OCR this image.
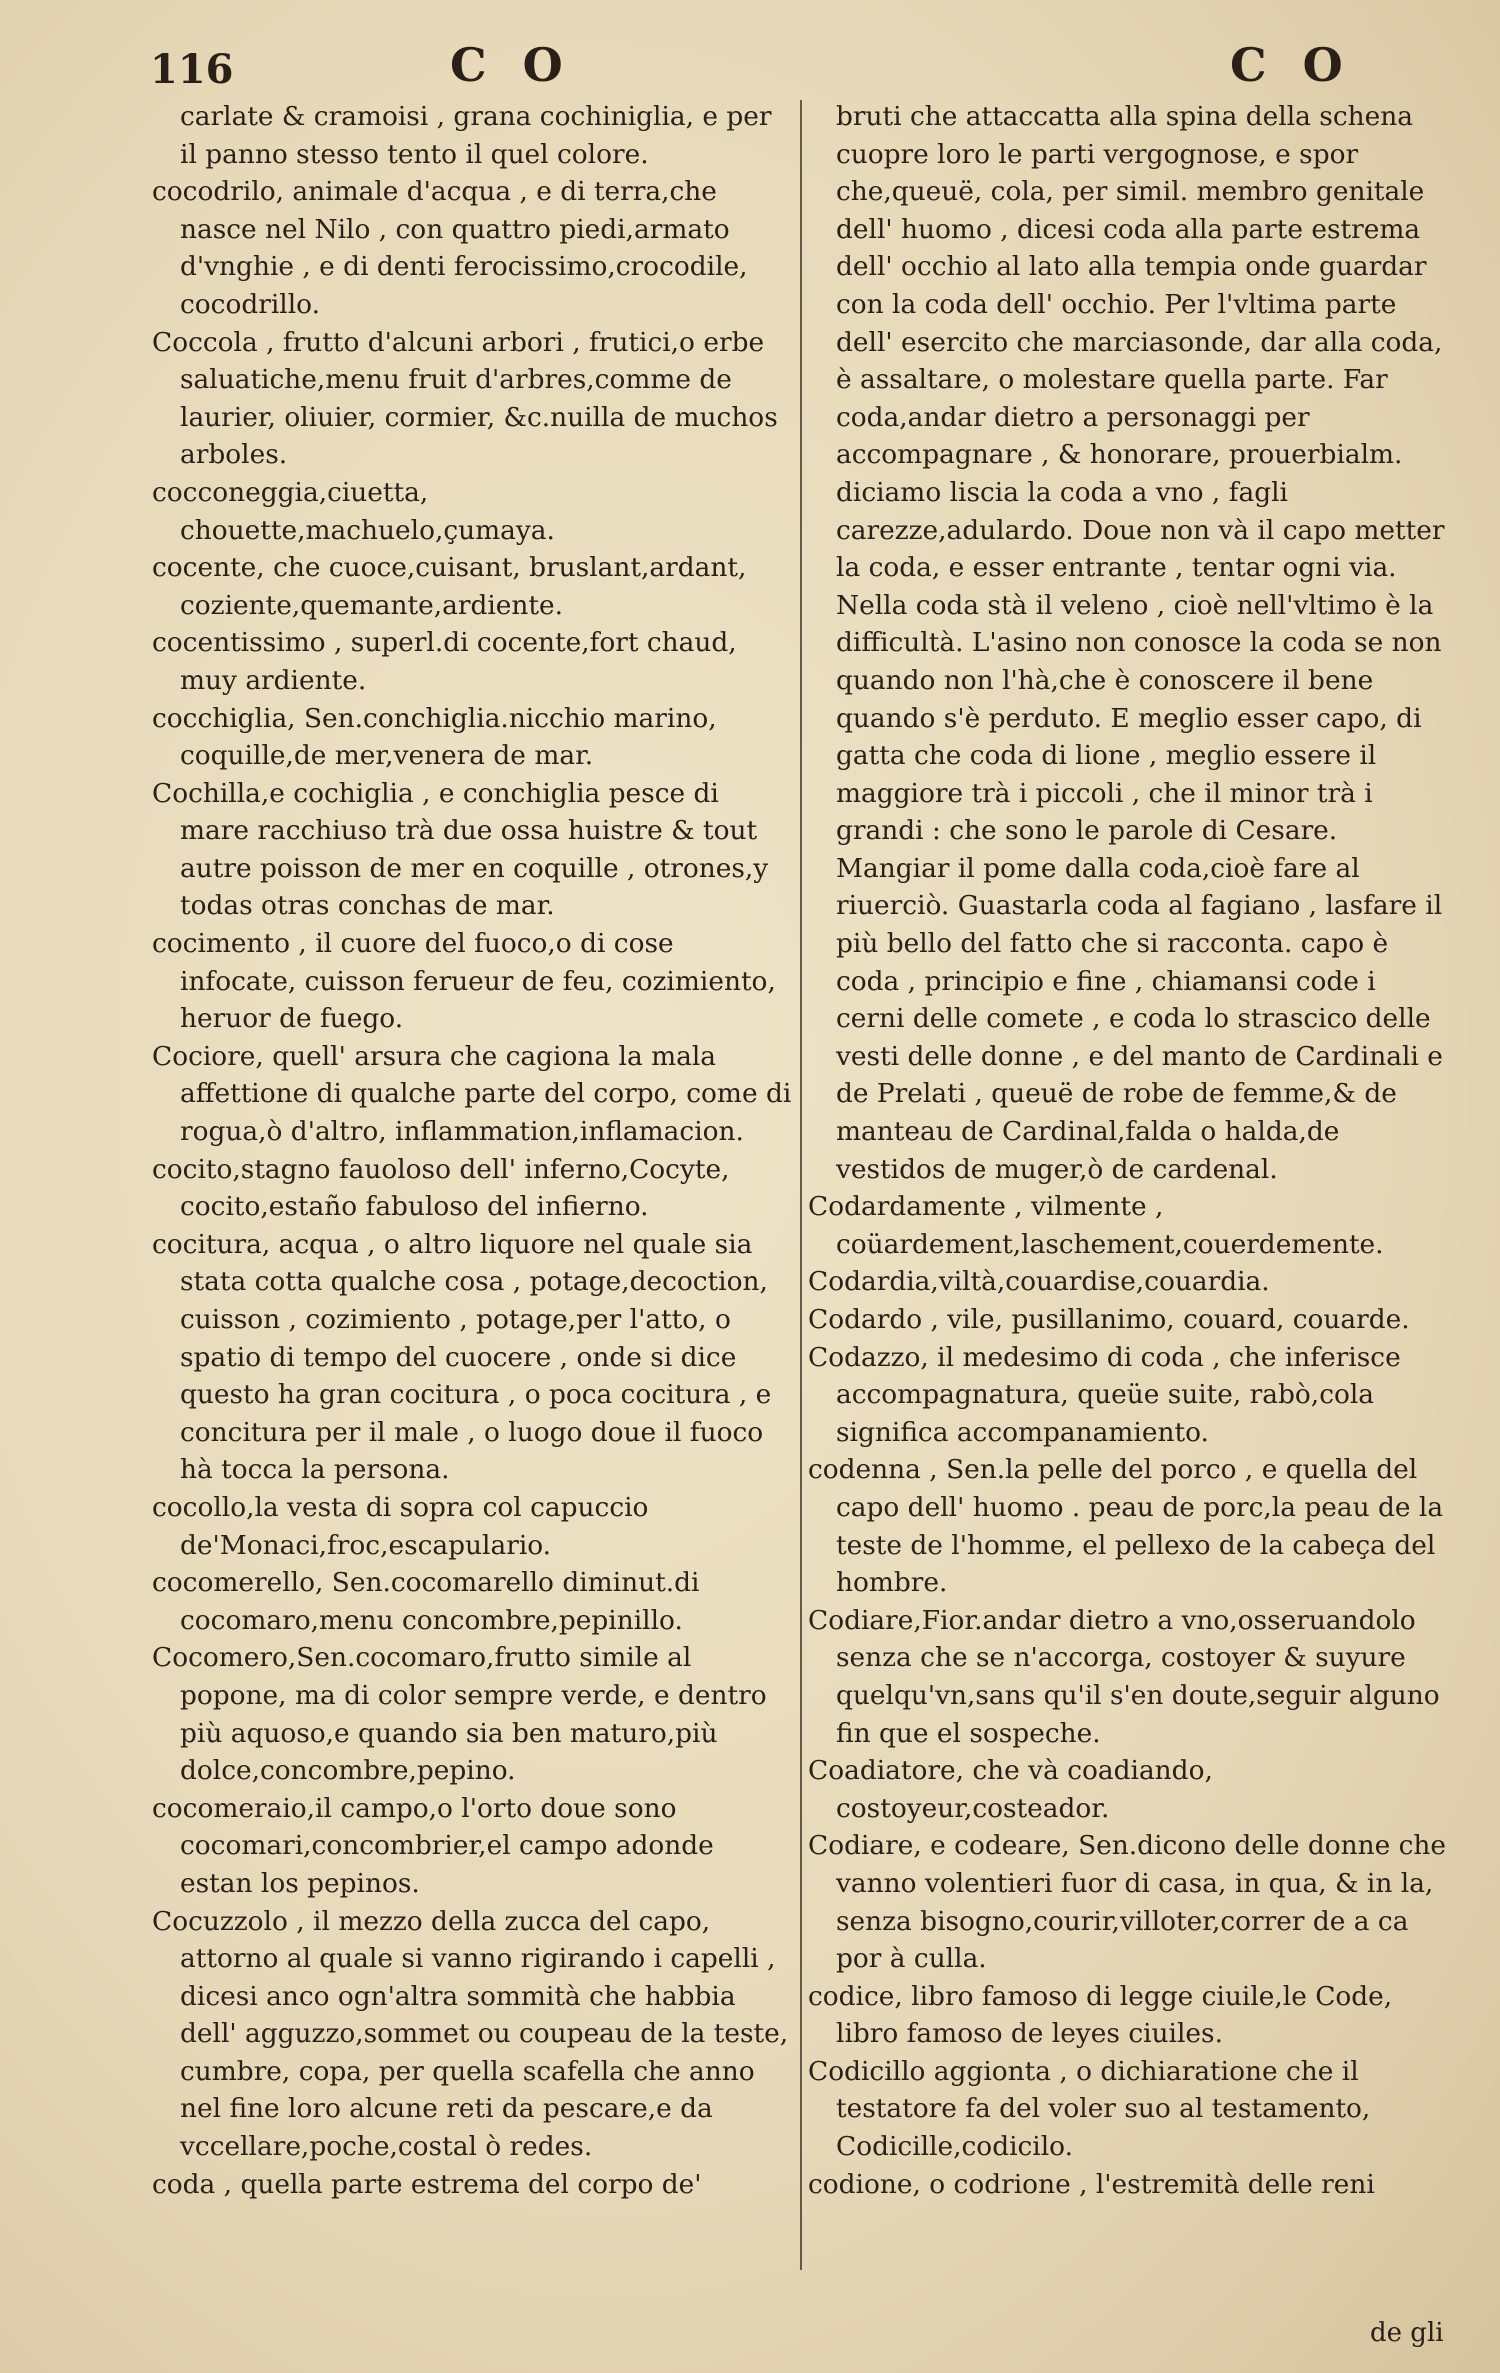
116	C O	C O

carlate & cramoisi , grana cochiniglia, e per il panno stesso tento il quel colore.

cocodrilo, animale d'acqua , e di terra,che nasce nel Nilo , con quattro piedi,armato d'vnghie , e di denti ferocissimo,crocodile, cocodrillo.

Coccola , frutto d'alcuni arbori , frutici,o erbe saluatiche,menu fruit d'arbres,comme de laurier, oliuier, cormier, &c.nuilla de muchos arboles.

cocconeggia,ciuetta, chouette,machuelo,çumaya.

cocente, che cuoce,cuisant, bruslant,ardant, coziente,quemante,ardiente.

cocentissimo , superl.di cocente,fort chaud, muy ardiente.

cocchiglia, Sen.conchiglia.nicchio marino, coquille,de mer,venera de mar.

Cochilla,e cochiglia , e conchiglia pesce di mare racchiuso trà due ossa huistre & tout autre poisson de mer en coquille , otrones,y todas otras conchas de mar.

cocimento , il cuore del fuoco,o di cose infocate, cuisson ferueur de feu, cozimiento, heruor de fuego.

Cociore, quell' arsura che cagiona la mala affettione di qualche parte del corpo, come di rogua,ò d'altro, inflammation,inflamacion.

cocito,stagno fauoloso dell' inferno,Cocyte, cocito,estaño fabuloso del infierno.

cocitura, acqua , o altro liquore nel quale sia stata cotta qualche cosa , potage,decoction, cuisson , cozimiento , potage,per l'atto, o spatio di tempo del cuocere , onde si dice questo ha gran cocitura , o poca cocitura , e concitura per il male , o luogo doue il fuoco hà tocca la persona.

cocollo,la vesta di sopra col capuccio de'Monaci,froc,escapulario.

cocomerello, Sen.cocomarello diminut.di cocomaro,menu concombre,pepinillo.

Cocomero,Sen.cocomaro,frutto simile al popone, ma di color sempre verde, e dentro più aquoso,e quando sia ben maturo,più dolce,concombre,pepino.

cocomeraio,il campo,o l'orto doue sono cocomari,concombrier,el campo adonde estan los pepinos.

Cocuzzolo , il mezzo della zucca del capo, attorno al quale si vanno rigirando i capelli , dicesi anco ogn'altra sommità che habbia dell' agguzzo,sommet ou coupeau de la teste, cumbre, copa, per quella scafella che anno nel fine loro alcune reti da pescare,e da vccellare,poche,costal ò redes.

coda , quella parte estrema del corpo de'

bruti che attaccatta alla spina della schena cuopre loro le parti vergognose, e spor che,queuë, cola, per simil. membro genitale dell' huomo , dicesi coda alla parte estrema dell' occhio al lato alla tempia onde guardar con la coda dell' occhio. Per l'vltima parte dell' esercito che marciasonde, dar alla coda, è assaltare, o molestare quella parte. Far coda,andar dietro a personaggi per accompagnare , & honorare, prouerbialm. diciamo liscia la coda a vno , fagli carezze,adulardo. Doue non và il capo metter la coda, e esser entrante , tentar ogni via. Nella coda stà il veleno , cioè nell'vltimo è la difficultà. L'asino non conosce la coda se non quando non l'hà,che è conoscere il bene quando s'è perduto. E meglio esser capo, di gatta che coda di lione , meglio essere il maggiore trà i piccoli , che il minor trà i grandi : che sono le parole di Cesare. Mangiar il pome dalla coda,cioè fare al riuerciò. Guastarla coda al fagiano , lasfare il più bello del fatto che si racconta. capo è coda , principio e fine , chiamansi code i cerni delle comete , e coda lo strascico delle vesti delle donne , e del manto de Cardinali e de Prelati , queuë de robe de femme,& de manteau de Cardinal,falda o halda,de vestidos de muger,ò de cardenal.

Codardamente , vilmente , coüardement,laschement,couerdemente.

Codardia,viltà,couardise,couardia.

Codardo , vile, pusillanimo, couard, couarde.

Codazzo, il medesimo di coda , che inferisce accompagnatura, queüe suite, rabò,cola significa accompanamiento.

codenna , Sen.la pelle del porco , e quella del capo dell' huomo . peau de porc,la peau de la teste de l'homme, el pellexo de la cabeça del hombre.

Codiare,Fior.andar dietro a vno,osseruandolo senza che se n'accorga, costoyer & suyure quelqu'vn,sans qu'il s'en doute,seguir alguno fin que el sospeche.

Coadiatore, che và coadiando, costoyeur,costeador.

Codiare, e codeare, Sen.dicono delle donne che vanno volentieri fuor di casa, in qua, & in la, senza bisogno,courir,villoter,correr de a ca por à culla.

codice, libro famoso di legge ciuile,le Code, libro famoso de leyes ciuiles.

Codicillo aggionta , o dichiaratione che il testatore fa del voler suo al testamento, Codicille,codicilo.

codione, o codrione , l'estremità delle reni

de gli
